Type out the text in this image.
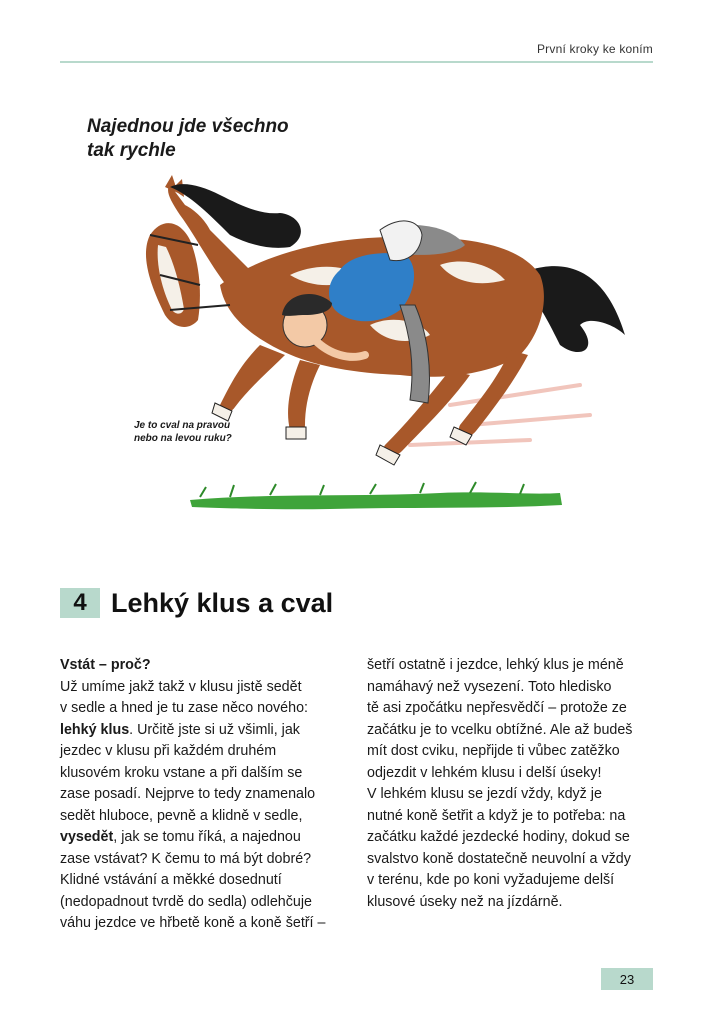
První kroky ke koním
Najednou jde všechno
tak rychle
Je to cval na pravou
nebo na levou ruku?
4 Lehký klus a cval
Vstát – proč?
Už umíme jakž takž v klusu jistě sedět
v sedle a hned je tu zase něco nového:
lehký klus. Určitě jste si už všimli, jak
jezdec v klusu při každém druhém
klusovém kroku vstane a při dalším se
zase posadí. Nejprve to tedy znamenalo
sedět hluboce, pevně a klidně v sedle,
vysedět, jak se tomu říká, a najednou
zase vstávat? K čemu to má být dobré?
Klidné vstávání a měkké dosednutí
(nedopadnout tvrdě do sedla) odlehčuje
váhu jezdce ve hřbetě koně a koně šetří –
šetří ostatně i jezdce, lehký klus je méně
namáhavý než vysezení. Toto hledisko
tě asi zpočátku nepřesvědčí – protože ze
začátku je to vcelku obtížné. Ale až budeš
mít dost cviku, nepřijde ti vůbec zatěžko
odjezdit v lehkém klusu i delší úseky!
V lehkém klusu se jezdí vždy, když je
nutné koně šetřit a když je to potřeba: na
začátku každé jezdecké hodiny, dokud se
svalstvo koně dostatečně neuvolní a vždy
v terénu, kde po koni vyžadujeme delší
klusové úseky než na jízdárně.
23
